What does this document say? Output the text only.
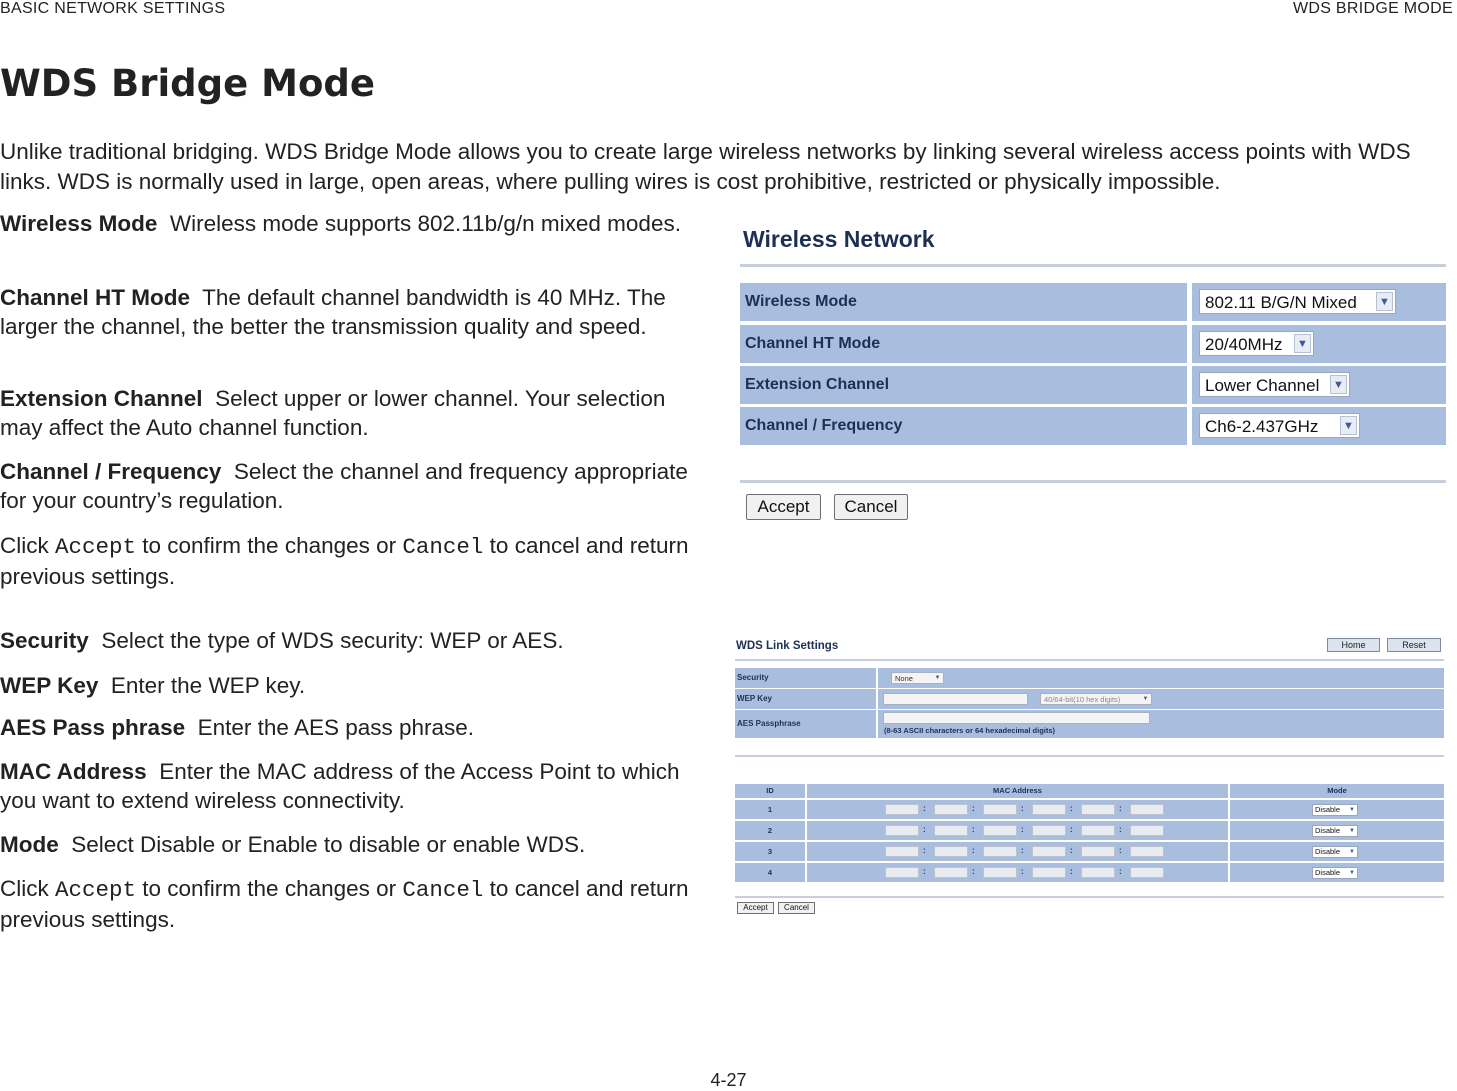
BASIC NETWORK SETTINGS	WDS BRIDGE MODE
WDS Bridge Mode

Unlike traditional bridging. WDS Bridge Mode allows you to create large wireless networks by linking several wireless access points with WDS links. WDS is normally used in large, open areas, where pulling wires is cost prohibitive, restricted or physically impossible.

Wireless Mode Wireless mode supports 802.11b/g/n mixed modes.

Channel HT Mode The default channel bandwidth is 40 MHz. The larger the channel, the better the transmission quality and speed.

Extension Channel Select upper or lower channel. Your selection may affect the Auto channel function.

Channel / Frequency Select the channel and frequency appropriate for your country’s regulation.

Click Accept to confirm the changes or Cancel to cancel and return previous settings.

Security Select the type of WDS security: WEP or AES.

WEP Key Enter the WEP key.

AES Pass phrase Enter the AES pass phrase.

MAC Address Enter the MAC address of the Access Point to which you want to extend wireless connectivity.

Mode Select Disable or Enable to disable or enable WDS.

Click Accept to confirm the changes or Cancel to cancel and return previous settings.

Wireless Network
Wireless Mode	802.11 B/G/N Mixed ▼
Channel HT Mode	20/40MHz ▼
Extension Channel	Lower Channel ▼
Channel / Frequency	Ch6-2.437GHz ▼
Accept	Cancel
WDS Link Settings	Home	Reset
Security	None	▼
WEP Key	40/64-bit(10 hex digits)	▼
AES Passphrase
(8-63 ASCII characters or 64 hexadecimal digits)
ID	MAC Address	Mode
1	:	:	:	:	:	Disable ▼
2	:	:	:	:	:	Disable ▼
3	:	:	:	:	:	Disable ▼
4	:	:	:	:	:	Disable ▼
Accept	Cancel
4-27
